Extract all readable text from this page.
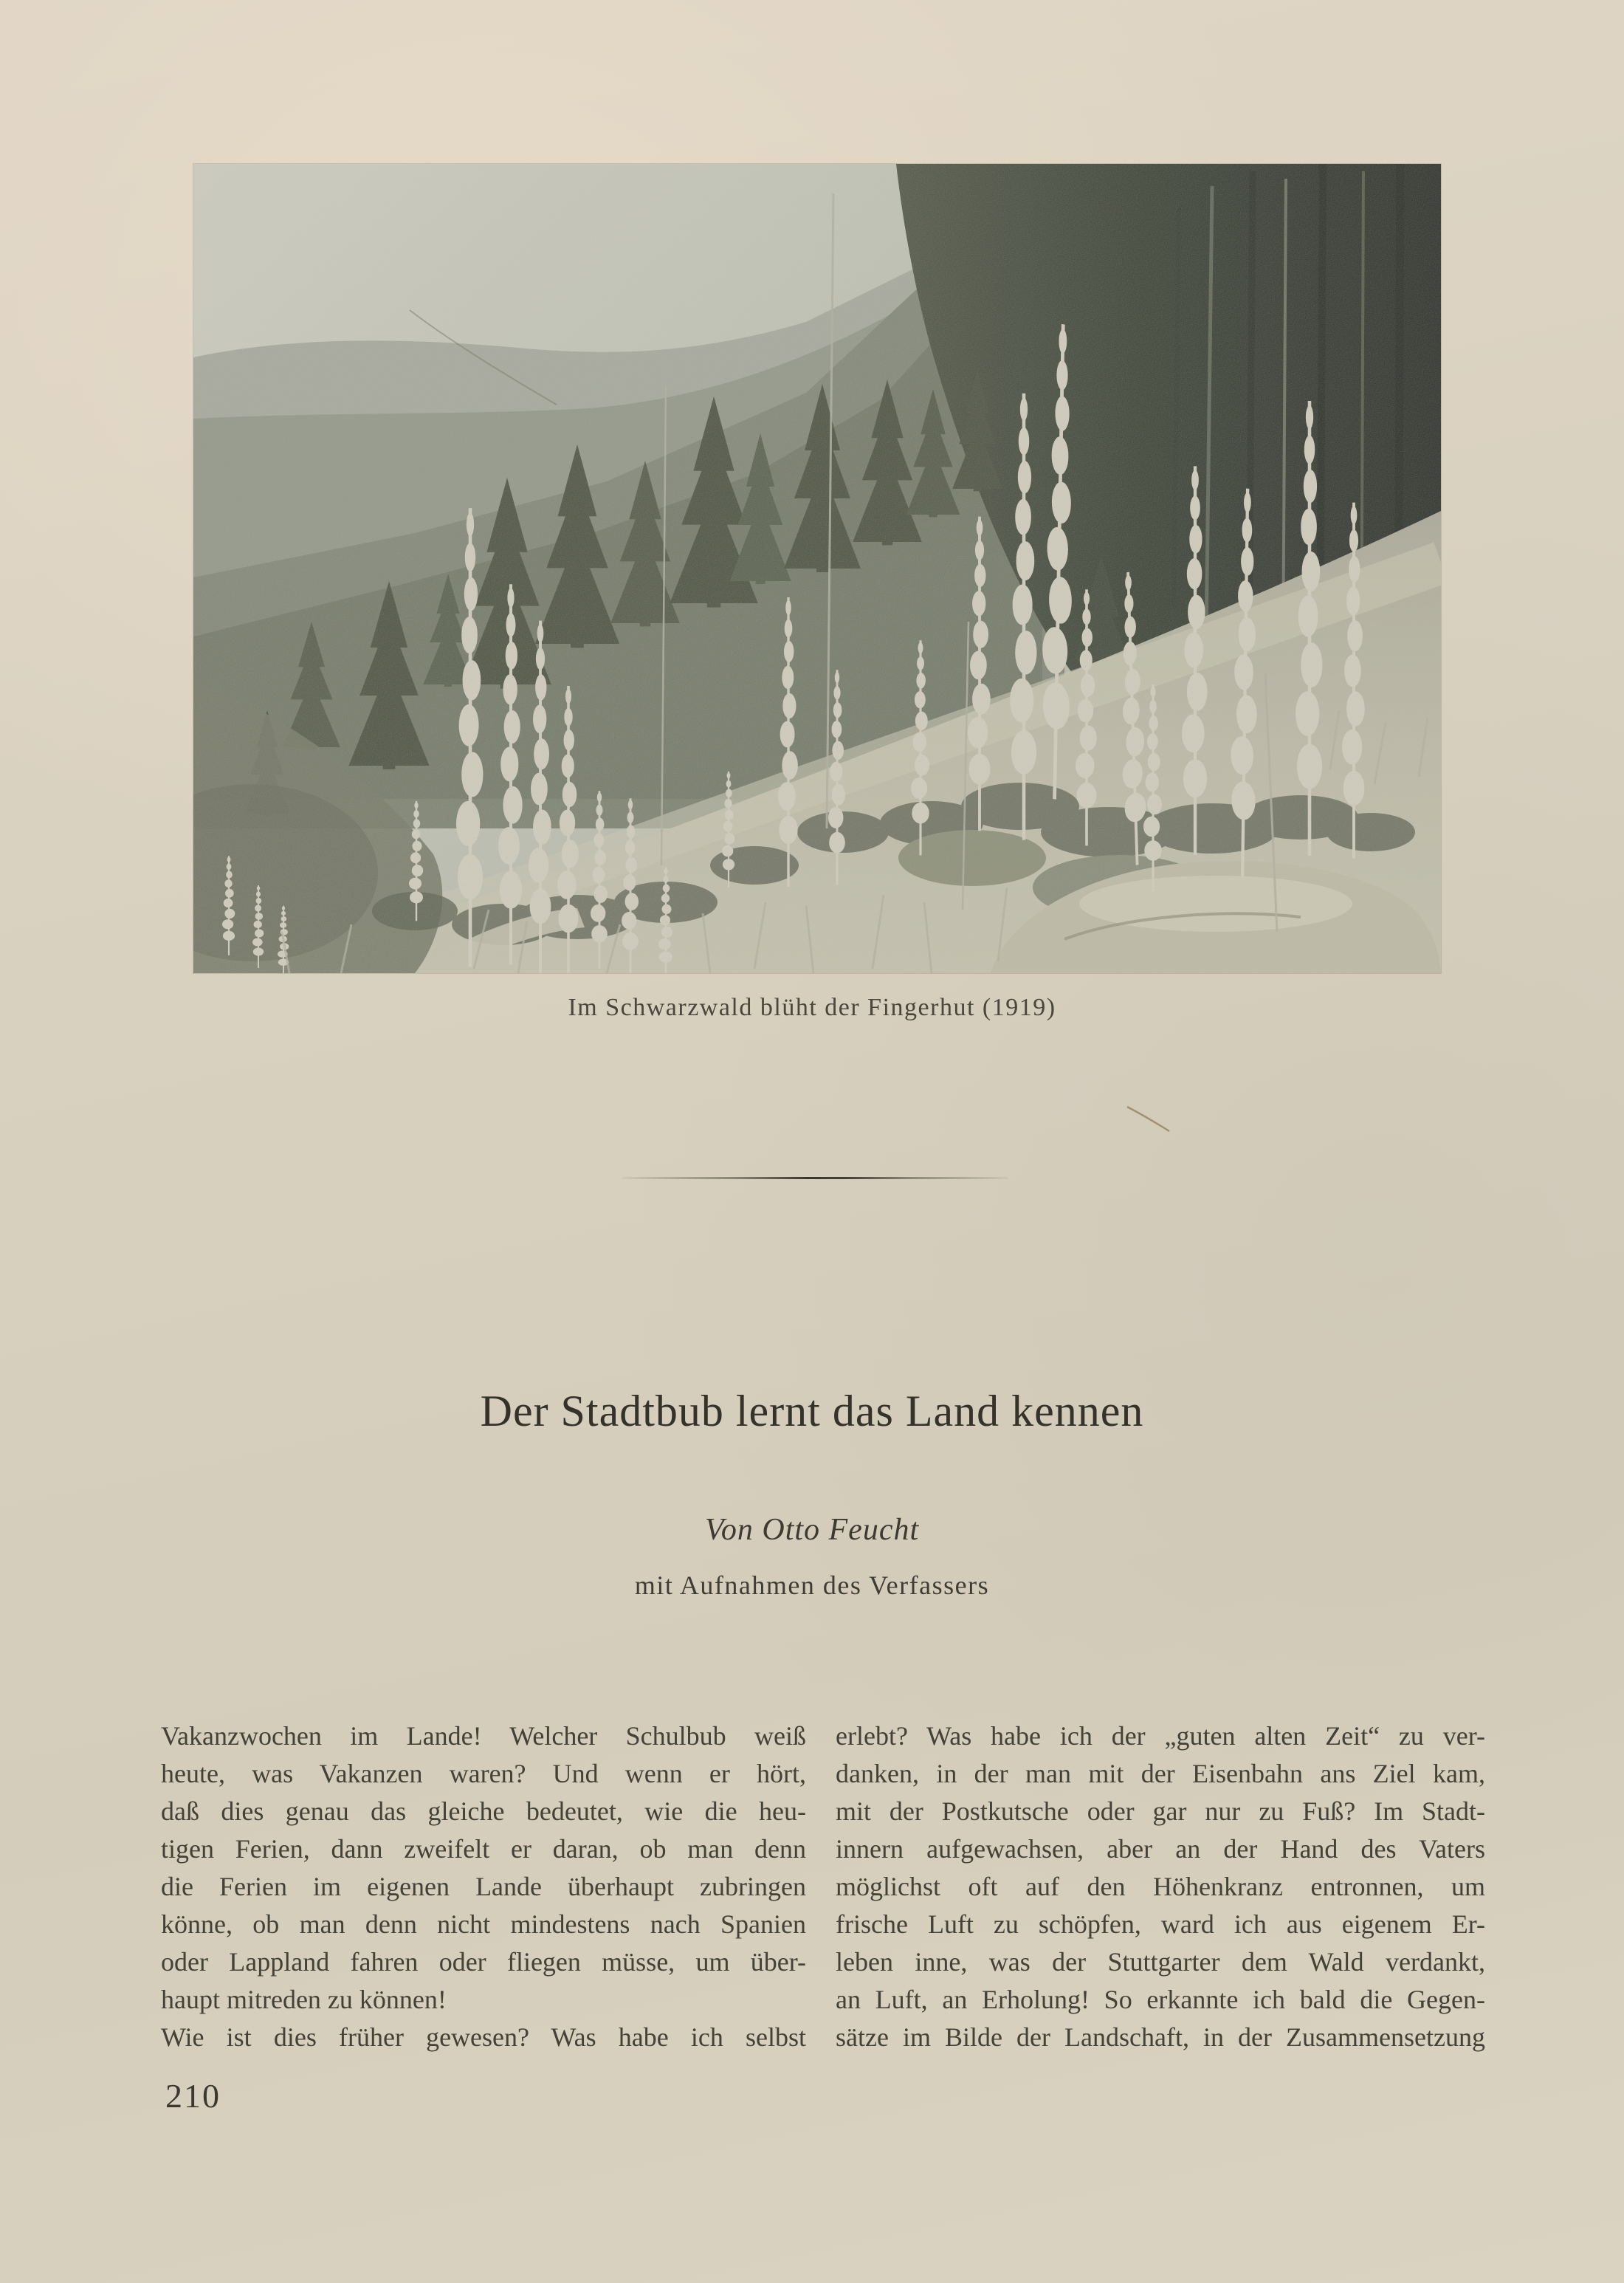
Im Schwarzwald blüht der Fingerhut (1919)
Der Stadtbub lernt das Land kennen
Von Otto Feucht
mit Aufnahmen des Verfassers
Vakanzwochen im Lande! Welcher Schulbub weiß
heute, was Vakanzen waren? Und wenn er hört,
daß dies genau das gleiche bedeutet, wie die heu-
tigen Ferien, dann zweifelt er daran, ob man denn
die Ferien im eigenen Lande überhaupt zubringen
könne, ob man denn nicht mindestens nach Spanien
oder Lappland fahren oder fliegen müsse, um über-
haupt mitreden zu können!
Wie ist dies früher gewesen? Was habe ich selbst
erlebt? Was habe ich der „guten alten Zeit“ zu ver-
danken, in der man mit der Eisenbahn ans Ziel kam,
mit der Postkutsche oder gar nur zu Fuß? Im Stadt-
innern aufgewachsen, aber an der Hand des Vaters
möglichst oft auf den Höhenkranz entronnen, um
frische Luft zu schöpfen, ward ich aus eigenem Er-
leben inne, was der Stuttgarter dem Wald verdankt,
an Luft, an Erholung! So erkannte ich bald die Gegen-
sätze im Bilde der Landschaft, in der Zusammensetzung
210
